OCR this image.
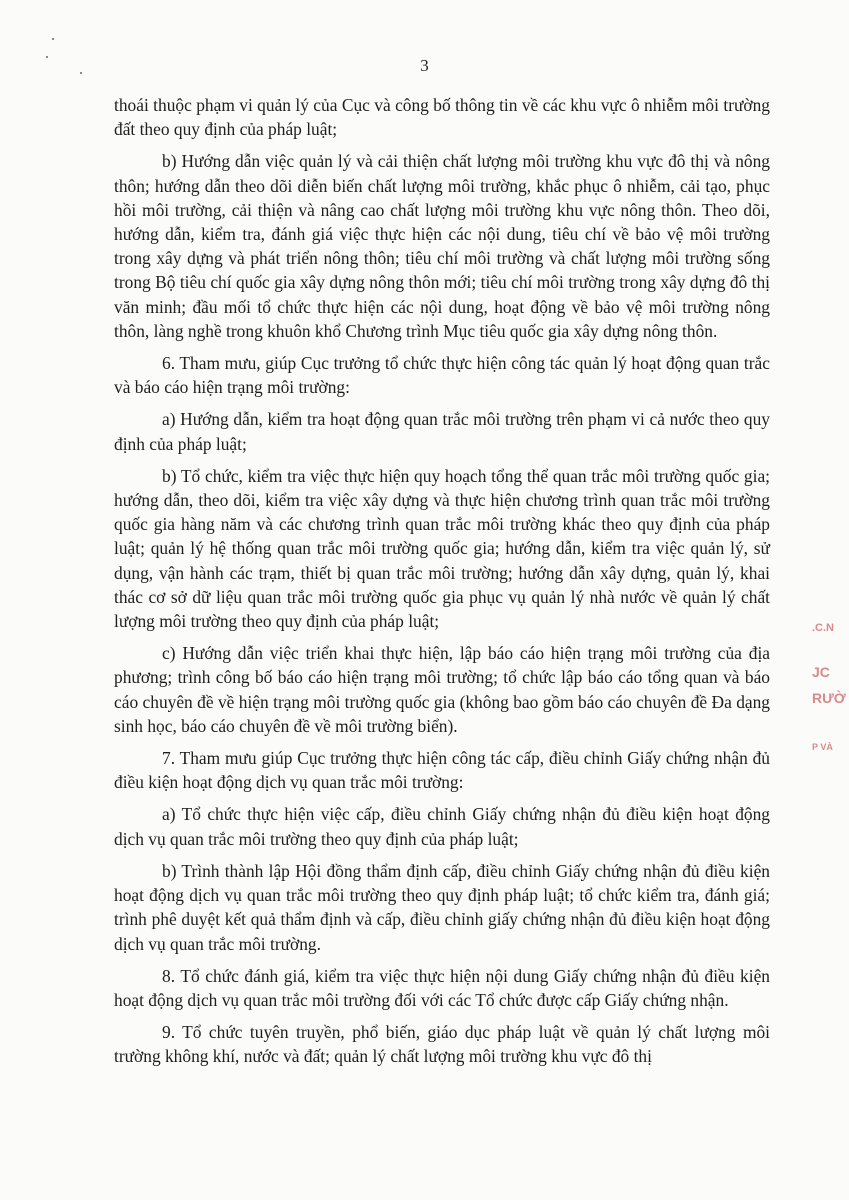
3

thoái thuộc phạm vi quản lý của Cục và công bố thông tin về các khu vực ô nhiễm môi trường đất theo quy định của pháp luật;

b) Hướng dẫn việc quản lý và cải thiện chất lượng môi trường khu vực đô thị và nông thôn; hướng dẫn theo dõi diễn biến chất lượng môi trường, khắc phục ô nhiễm, cải tạo, phục hồi môi trường, cải thiện và nâng cao chất lượng môi trường khu vực nông thôn. Theo dõi, hướng dẫn, kiểm tra, đánh giá việc thực hiện các nội dung, tiêu chí về bảo vệ môi trường trong xây dựng và phát triển nông thôn; tiêu chí môi trường và chất lượng môi trường sống trong Bộ tiêu chí quốc gia xây dựng nông thôn mới; tiêu chí môi trường trong xây dựng đô thị văn minh; đầu mối tổ chức thực hiện các nội dung, hoạt động về bảo vệ môi trường nông thôn, làng nghề trong khuôn khổ Chương trình Mục tiêu quốc gia xây dựng nông thôn.

6. Tham mưu, giúp Cục trưởng tổ chức thực hiện công tác quản lý hoạt động quan trắc và báo cáo hiện trạng môi trường:

a) Hướng dẫn, kiểm tra hoạt động quan trắc môi trường trên phạm vi cả nước theo quy định của pháp luật;

b) Tổ chức, kiểm tra việc thực hiện quy hoạch tổng thể quan trắc môi trường quốc gia; hướng dẫn, theo dõi, kiểm tra việc xây dựng và thực hiện chương trình quan trắc môi trường quốc gia hàng năm và các chương trình quan trắc môi trường khác theo quy định của pháp luật; quản lý hệ thống quan trắc môi trường quốc gia; hướng dẫn, kiểm tra việc quản lý, sử dụng, vận hành các trạm, thiết bị quan trắc môi trường; hướng dẫn xây dựng, quản lý, khai thác cơ sở dữ liệu quan trắc môi trường quốc gia phục vụ quản lý nhà nước về quản lý chất lượng môi trường theo quy định của pháp luật;

c) Hướng dẫn việc triển khai thực hiện, lập báo cáo hiện trạng môi trường của địa phương; trình công bố báo cáo hiện trạng môi trường; tổ chức lập báo cáo tổng quan và báo cáo chuyên đề về hiện trạng môi trường quốc gia (không bao gồm báo cáo chuyên đề Đa dạng sinh học, báo cáo chuyên đề về môi trường biển).

7. Tham mưu giúp Cục trưởng thực hiện công tác cấp, điều chỉnh Giấy chứng nhận đủ điều kiện hoạt động dịch vụ quan trắc môi trường:

a) Tổ chức thực hiện việc cấp, điều chỉnh Giấy chứng nhận đủ điều kiện hoạt động dịch vụ quan trắc môi trường theo quy định của pháp luật;

b) Trình thành lập Hội đồng thẩm định cấp, điều chỉnh Giấy chứng nhận đủ điều kiện hoạt động dịch vụ quan trắc môi trường theo quy định pháp luật; tổ chức kiểm tra, đánh giá; trình phê duyệt kết quả thẩm định và cấp, điều chỉnh giấy chứng nhận đủ điều kiện hoạt động dịch vụ quan trắc môi trường.

8. Tổ chức đánh giá, kiểm tra việc thực hiện nội dung Giấy chứng nhận đủ điều kiện hoạt động dịch vụ quan trắc môi trường đối với các Tổ chức được cấp Giấy chứng nhận.

9. Tổ chức tuyên truyền, phổ biến, giáo dục pháp luật về quản lý chất lượng môi trường không khí, nước và đất; quản lý chất lượng môi trường khu vực đô thị

.C.N
JC
RƯỜ
P VÀ
